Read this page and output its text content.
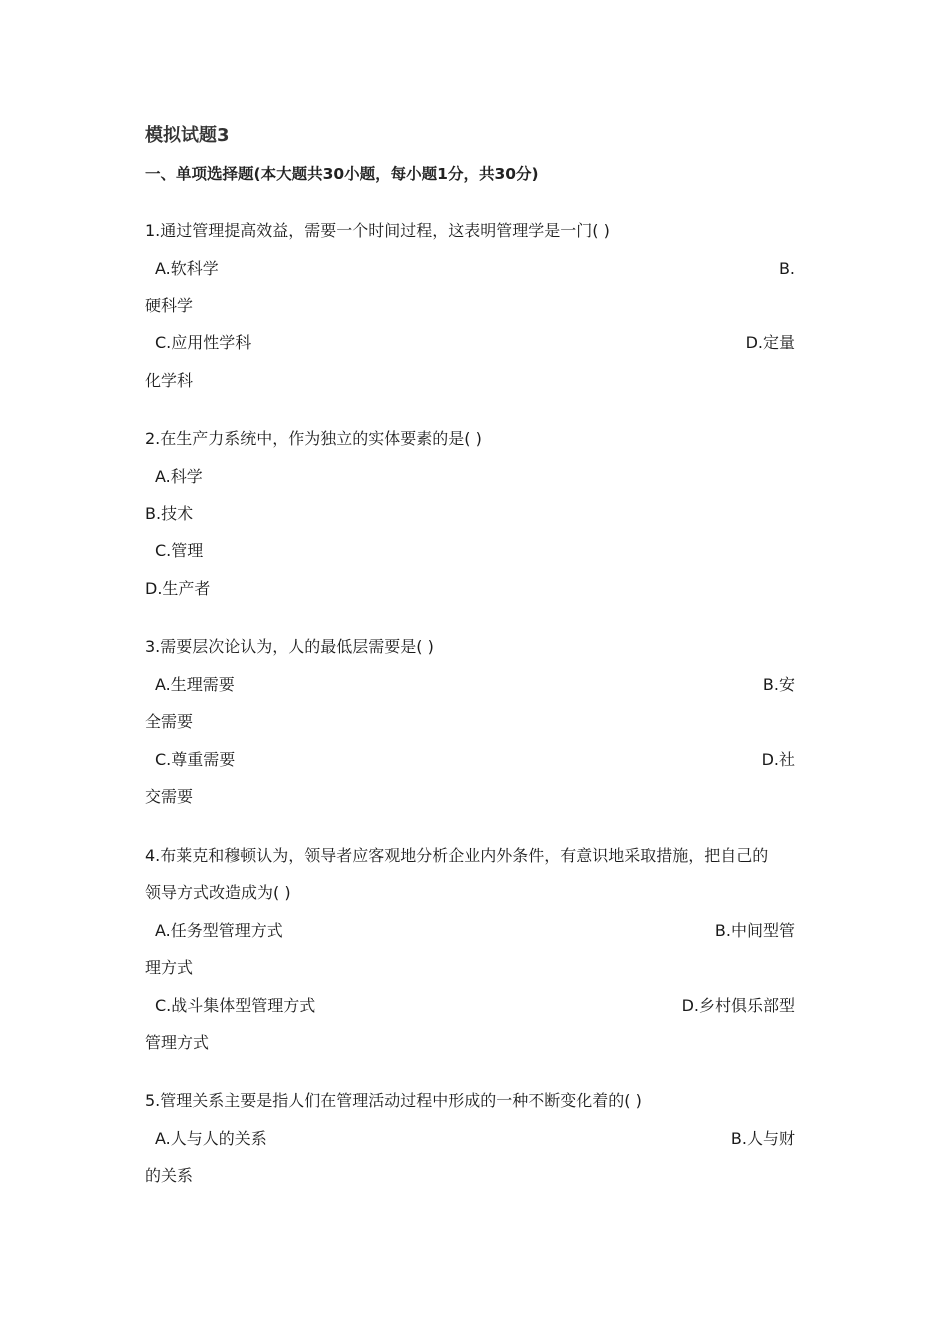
模拟试题3
一、单项选择题(本大题共30小题，每小题1分，共30分)
1.通过管理提高效益，需要一个时间过程，这表明管理学是一门( )
A.软科学	B.
硬科学
C.应用性学科	D.定量
化学科
2.在生产力系统中，作为独立的实体要素的是( )
A.科学
B.技术
C.管理
D.生产者
3.需要层次论认为，人的最低层需要是( )
A.生理需要	B.安
全需要
C.尊重需要	D.社
交需要
4.布莱克和穆顿认为，领导者应客观地分析企业内外条件，有意识地采取措施，把自己的
领导方式改造成为( )
A.任务型管理方式	B.中间型管
理方式
C.战斗集体型管理方式	D.乡村俱乐部型
管理方式
5.管理关系主要是指人们在管理活动过程中形成的一种不断变化着的( )
A.人与人的关系	B.人与财
的关系
